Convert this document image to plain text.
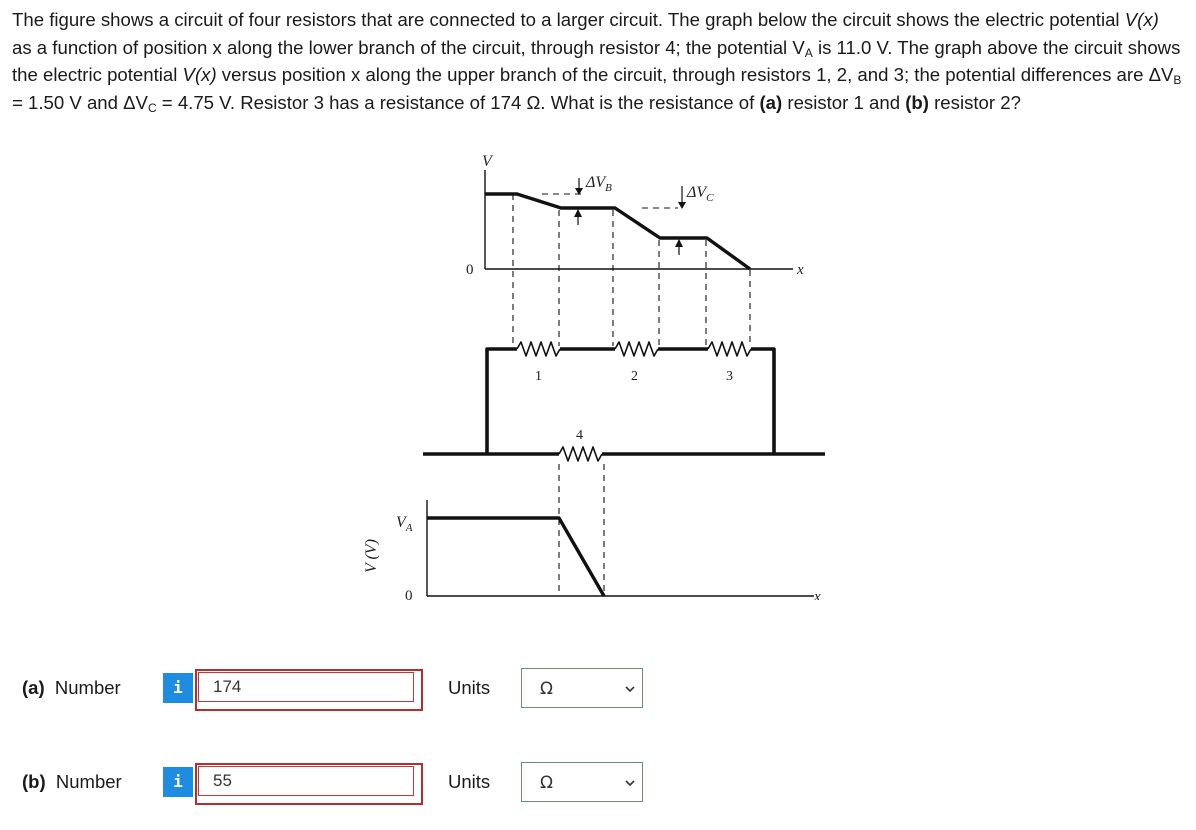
The figure shows a circuit of four resistors that are connected to a larger circuit. The graph below the circuit shows the electric potential V(x) as a function of position x along the lower branch of the circuit, through resistor 4; the potential $V_A$ is 11.0 V. The graph above the circuit shows the electric potential V(x) versus position x along the upper branch of the circuit, through resistors 1, 2, and 3; the potential differences are $\Delta V_B = 1.50$ V and $\Delta V_C = 4.75$ V. Resistor 3 has a resistance of 174 Ω. What is the resistance of (a) resistor 1 and (b) resistor 2?

V
0	x
$\Delta V_B$	$\Delta V_C$
1	2	3
4
$V_A$
0	x
V (V)
(a) Number	i
174	Units	Ω
(b) Number	i
55	Units	Ω
